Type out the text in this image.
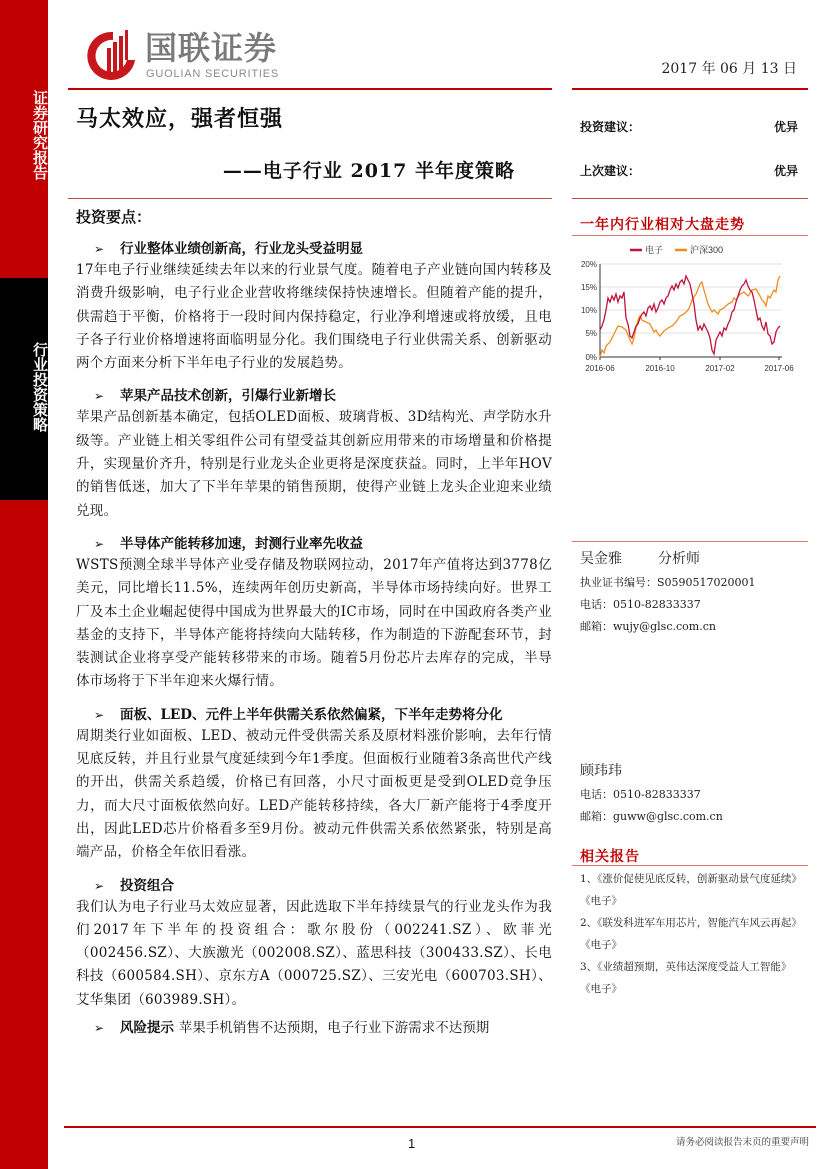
证券研究报告
行业投资策略
国联证券
GUOLIAN SECURITIES	2017 年 06 月 13 日
马太效应，强者恒强
——电子行业 2017 半年度策略
投资建议：	优异
上次建议：	优异
一年内行业相对大盘走势
电子	沪深300
20%
15%
10%
5%
0%
2016-06	2016-10	2017-02	2017-06
投资要点：
➢ 行业整体业绩创新高，行业龙头受益明显
17年电子行业继续延续去年以来的行业景气度。随着电子产业链向国内转移及消费升级影响，电子行业企业营收将继续保持快速增长。但随着产能的提升，供需趋于平衡，价格将于一段时间内保持稳定，行业净利增速或将放缓，且电子各子行业价格增速将面临明显分化。我们围绕电子行业供需关系、创新驱动两个方面来分析下半年电子行业的发展趋势。
➢ 苹果产品技术创新，引爆行业新增长
苹果产品创新基本确定，包括OLED面板、玻璃背板、3D结构光、声学防水升级等。产业链上相关零组件公司有望受益其创新应用带来的市场增量和价格提升，实现量价齐升，特别是行业龙头企业更将是深度获益。同时，上半年HOV的销售低迷，加大了下半年苹果的销售预期，使得产业链上龙头企业迎来业绩兑现。
➢ 半导体产能转移加速，封测行业率先收益
WSTS预测全球半导体产业受存储及物联网拉动，2017年产值将达到3778亿美元，同比增长11.5%，连续两年创历史新高，半导体市场持续向好。世界工厂及本土企业崛起使得中国成为世界最大的IC市场，同时在中国政府各类产业基金的支持下，半导体产能将持续向大陆转移，作为制造的下游配套环节，封装测试企业将享受产能转移带来的市场。随着5月份芯片去库存的完成，半导体市场将于下半年迎来火爆行情。
➢ 面板、LED、元件上半年供需关系依然偏紧，下半年走势将分化
周期类行业如面板、LED、被动元件受供需关系及原材料涨价影响，去年行情见底反转，并且行业景气度延续到今年1季度。但面板行业随着3条高世代产线的开出，供需关系趋缓，价格已有回落，小尺寸面板更是受到OLED竞争压力，而大尺寸面板依然向好。LED产能转移持续，各大厂新产能将于4季度开出，因此LED芯片价格看多至9月份。被动元件供需关系依然紧张，特别是高端产品，价格全年依旧看涨。
➢ 投资组合
我们认为电子行业马太效应显著，因此选取下半年持续景气的行业龙头作为我们2017年下半年的投资组合：歌尔股份（002241.SZ）、欧菲光（002456.SZ）、大族激光（002008.SZ）、蓝思科技（300433.SZ）、长电科技（600584.SH）、京东方A（000725.SZ）、三安光电（600703.SH）、艾华集团（603989.SH）。
➢ 风险提示 苹果手机销售不达预期，电子行业下游需求不达预期
吴金雅	分析师
执业证书编号：S0590517020001
电话：0510-82833337
邮箱：wujy@glsc.com.cn
顾玮玮
电话：0510-82833337
邮箱：guww@glsc.com.cn
相关报告
1、《涨价促使见底反转，创新驱动景气度延续》
《电子》
2、《联发科进军车用芯片，智能汽车风云再起》
《电子》
3、《业绩超预期，英伟达深度受益人工智能》
《电子》
1	请务必阅读报告末页的重要声明
